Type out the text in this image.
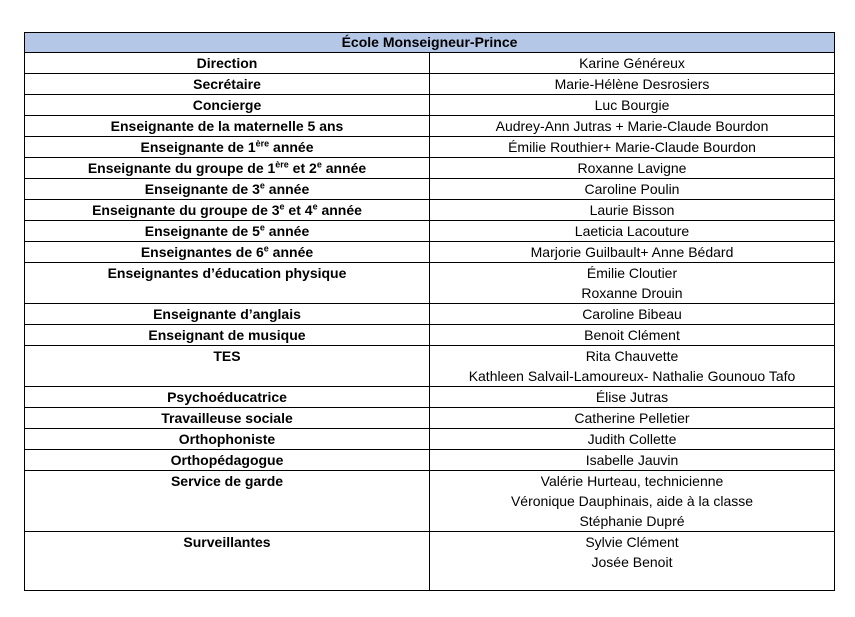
École Monseigneur-Prince	
Direction	Karine Généreux

Secrétaire	Marie-Hélène Desrosiers

Concierge	Luc Bourgie

Enseignante de la maternelle 5 ans	Audrey-Ann Jutras + Marie-Claude Bourdon

Enseignante de 1ère année	Émilie Routhier+ Marie-Claude Bourdon

Enseignante du groupe de 1ère et 2e année	Roxanne Lavigne

Enseignante de 3e année	Caroline Poulin

Enseignante du groupe de 3e et 4e année	Laurie Bisson

Enseignante de 5e année	Laeticia Lacouture

Enseignantes de 6e année	Marjorie Guilbault+ Anne Bédard

Enseignantes d’éducation physique	Émilie Cloutier
Roxanne Drouin

Enseignante d’anglais	Caroline Bibeau

Enseignant de musique	Benoit Clément

TES	Rita Chauvette
Kathleen Salvail-Lamoureux- Nathalie Gounouo Tafo

Psychoéducatrice	Élise Jutras

Travailleuse sociale	Catherine Pelletier

Orthophoniste	Judith Collette

Orthopédagogue	Isabelle Jauvin

Service de garde	Valérie Hurteau, technicienne
Véronique Dauphinais, aide à la classe
Stéphanie Dupré

Surveillantes	Sylvie Clément
Josée Benoit
